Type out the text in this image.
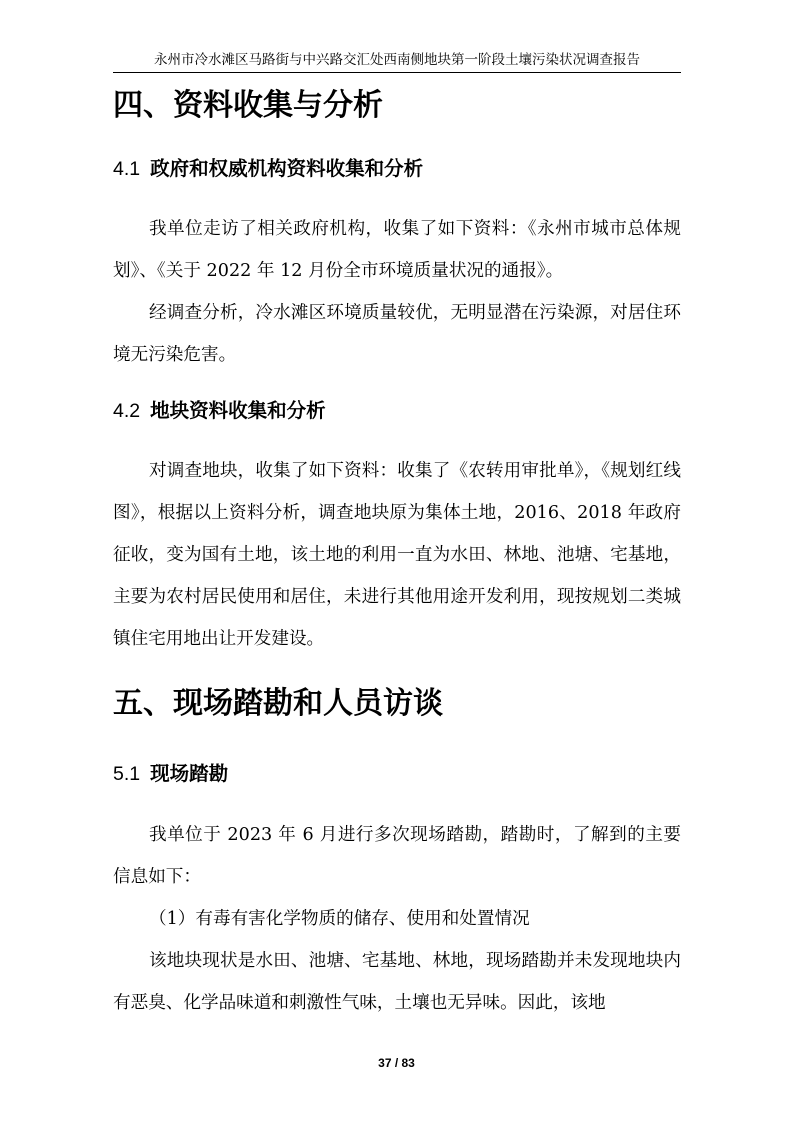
永州市冷水滩区马路街与中兴路交汇处西南侧地块第一阶段土壤污染状况调查报告
四、资料收集与分析
4.1 政府和权威机构资料收集和分析
我单位走访了相关政府机构，收集了如下资料：《永州市城市总体规划》、《关于 2022 年 12 月份全市环境质量状况的通报》。
经调查分析，冷水滩区环境质量较优，无明显潜在污染源，对居住环境无污染危害。
4.2 地块资料收集和分析
对调查地块，收集了如下资料：收集了《农转用审批单》，《规划红线图》，根据以上资料分析，调查地块原为集体土地，2016、2018 年政府征收，变为国有土地，该土地的利用一直为水田、林地、池塘、宅基地，主要为农村居民使用和居住，未进行其他用途开发利用，现按规划二类城镇住宅用地出让开发建设。
五、现场踏勘和人员访谈
5.1 现场踏勘
我单位于 2023 年 6 月进行多次现场踏勘，踏勘时，了解到的主要信息如下：
（1）有毒有害化学物质的储存、使用和处置情况
该地块现状是水田、池塘、宅基地、林地，现场踏勘并未发现地块内有恶臭、化学品味道和刺激性气味，土壤也无异味。因此，该地
37 / 83
